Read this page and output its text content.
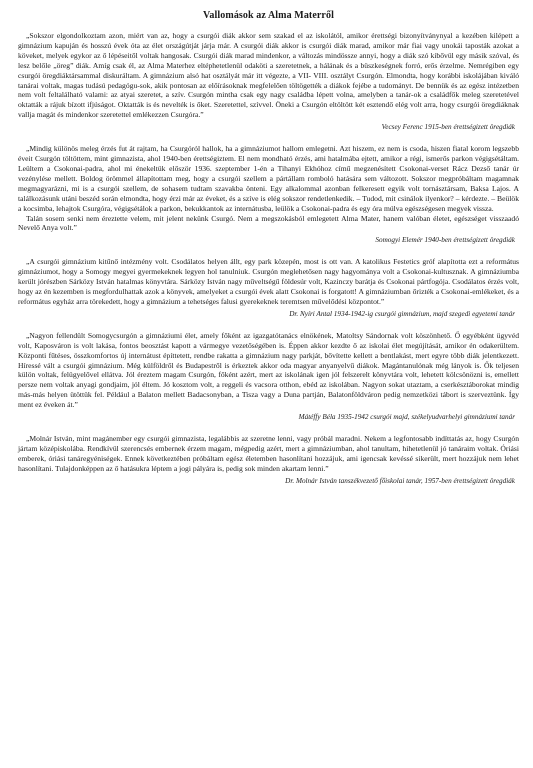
Vallomások az Alma Materről

„Sokszor elgondolkoztam azon, miért van az, hogy a csurgói diák akkor sem szakad el az iskolától, amikor érettségi bizonyítványnyal a kezében kilépett a gimnázium kapuján és hosszú évek óta az élet országútját járja már. A csurgói diák akkor is csurgói diák marad, amikor már fiai vagy unokái taposták azokat a köveket, melyek egykor az ő lépéseitől voltak hangosak. Csurgói diák marad mindenkor, a változás mindössze annyi, hogy a diák szó kibővül egy másik szóval, és lesz belőle „öreg” diák. Amíg csak él, az Alma Materhez eltéphetetlenül odaköti a szeretetnek, a hálának és a büszkeségnek forró, erős érzelme. Nemrégiben egy csurgói öregdiáktársammal diskuráltam. A gimnázium alsó hat osztályát már itt végezte, a VII- VIII. osztályt Csurgón. Elmondta, hogy korábbi iskolájában kiváló tanárai voltak, magas tudású pedagógu-sok, akik pontosan az előírásoknak megfelelően töltögették a diákok fejébe a tudományt. De bennük és az egész intézetben nem volt feltalálható valami: az atyai szeretet, a szív. Csurgón mintha csak egy nagy családba lépett volna, amelyben a tanár-ok a családfők meleg szeretetével oktatták a rájuk bízott ifjúságot. Oktatták is és nevelték is őket. Szeretettel, szívvel. Öneki a Csurgón eltöltött két esztendő elég volt arra, hogy csurgói öregdiáknak vallja magát és mindenkor szeretettel emlékezzen Csurgóra.”

Vecsey Ferenc 1915-ben érettségizett öregdiák

„Mindig különös meleg érzés fut át rajtam, ha Csurgóról hallok, ha a gimnáziumot hallom emlegetni. Azt hiszem, ez nem is csoda, hiszen fiatal korom legszebb éveit Csurgón töltöttem, mint gimnazista, ahol 1940-ben érettségiztem. El nem mondható érzés, ami hatalmába ejtett, amikor a régi, ismerős parkon végigsétáltam. Leültem a Csokonai-padra, ahol mi énekeltük először 1936. szeptember 1-én a Tihanyi Ekhóhoz című megzenésített Csokonai-verset Rácz Dezső tanár úr vezénylése mellett. Boldog örömmel állapítottam meg, hogy a csurgói szellem a pártállam romboló hatására sem változott. Sokszor megpróbáltam magamnak megmagyarázni, mi is a csurgói szellem, de sohasem tudtam szavakba önteni. Egy alkalommal azonban felkeresett egyik volt tornásztársam, Baksa Lajos. A találkozásunk utáni beszéd során elmondta, hogy érzi már az éveket, és a szíve is elég sokszor rendetlenkedik. – Tudod, mit csinálok ilyenkor? – kérdezte. – Beülök a kocsimba, lehajtok Csurgóra, végigsétálok a parkon, bekukkantok az internátusba, leülök a Csokonai-padra és egy óra múlva egészségesen megyek vissza.

Talán sosem senki nem éreztette velem, mit jelent nekünk Csurgó. Nem a megszokásból emlegetett Alma Mater, hanem valóban életet, egészséget visszaadó Nevelő Anya volt.”

Somogyi Elemér 1940-ben érettségizett öregdiák

„A csurgói gimnázium kitűnő intézmény volt. Csodálatos helyen állt, egy park közepén, most is ott van. A katolikus Festetics gróf alapította ezt a református gimnáziumot, hogy a Somogy megyei gyermekeknek legyen hol tanulniuk. Csurgón meglehetősen nagy hagyománya volt a Csokonai-kultusznak. A gimnáziumba került jórészben Sárközy István hatalmas könyvtára. Sárközy István nagy műveltségű földesúr volt, Kazinczy barátja és Csokonai pártfogója. Csodálatos érzés volt, hogy az én kezemben is megfordulhattak azok a könyvek, amelyeket a csurgói évek alatt Csokonai is forgatott! A gimnáziumban őrizték a Csokonai-emlékeket, és a református egyház arra törekedett, hogy a gimnázium a tehetséges falusi gyerekeknek teremtsen művelődési központot.”

Dr. Nyíri Antal 1934-1942-ig csurgói gimnázium, majd szegedi egyetemi tanár

„Nagyon fellendült Somogycsurgón a gimnáziumi élet, amely főként az igazgatótanács elnökének, Matoltsy Sándornak volt köszönhető. Ő egyébként ügyvéd volt, Kaposváron is volt lakása, fontos beosztást kapott a vármegye vezetőségében is. Éppen akkor kezdte ő az iskolai élet megújítását, amikor én odakerültem. Központi fűtéses, összkomfortos új internátust építtetett, rendbe rakatta a gimnázium nagy parkját, bővítette kellett a bentlakást, mert egyre több diák jelentkezett. Híressé vált a csurgói gimnázium. Még külföldről és Budapestről is érkeztek akkor oda magyar anyanyelvű diákok. Magántanulónak még lányok is. Ők teljesen külön voltak, felügyelővel ellátva. Jól éreztem magam Csurgón, főként azért, mert az iskolának igen jól felszerelt könyvtára volt, lehetett kölcsönözni is, emellett persze nem voltak anyagi gondjaim, jól éltem. Jó kosztom volt, a reggeli és vacsora otthon, ebéd az iskolában. Nagyon sokat utaztam, a cserkésztáborokat mindig más-más helyen ütöttük fel. Például a Balaton mellett Badacsonyban, a Tisza vagy a Duna partján, Balatonföldváron pedig nemzetközi tábort is szerveztünk. Így ment ez éveken át.”

Mátéffy Béla 1935-1942 csurgói majd, székelyudvarhelyi gimnáziumi tanár

„Molnár István, mint magánember egy csurgói gimnazista, legalábbis az szeretne lenni, vagy próbál maradni. Nekem a legfontosabb indíttatás az, hogy Csurgón jártam középiskolába. Rendkívül szerencsés embernek érzem magam, mégpedig azért, mert a gimnáziumban, ahol tanultam, hihetetlenül jó tanáraim voltak. Óriási emberek, óriási tanáregyéniségek. Ennek következtében próbáltam egész életemben hasonlítani hozzájuk, ami igencsak kevéssé sikerült, mert hozzájuk nem lehet hasonlítani. Tulajdonképpen az ő hatásukra léptem a jogi pályára is, pedig sok minden akartam lenni.”

Dr. Molnár István tanszékvezető főiskolai tanár, 1957-ben érettségizett öregdiák
